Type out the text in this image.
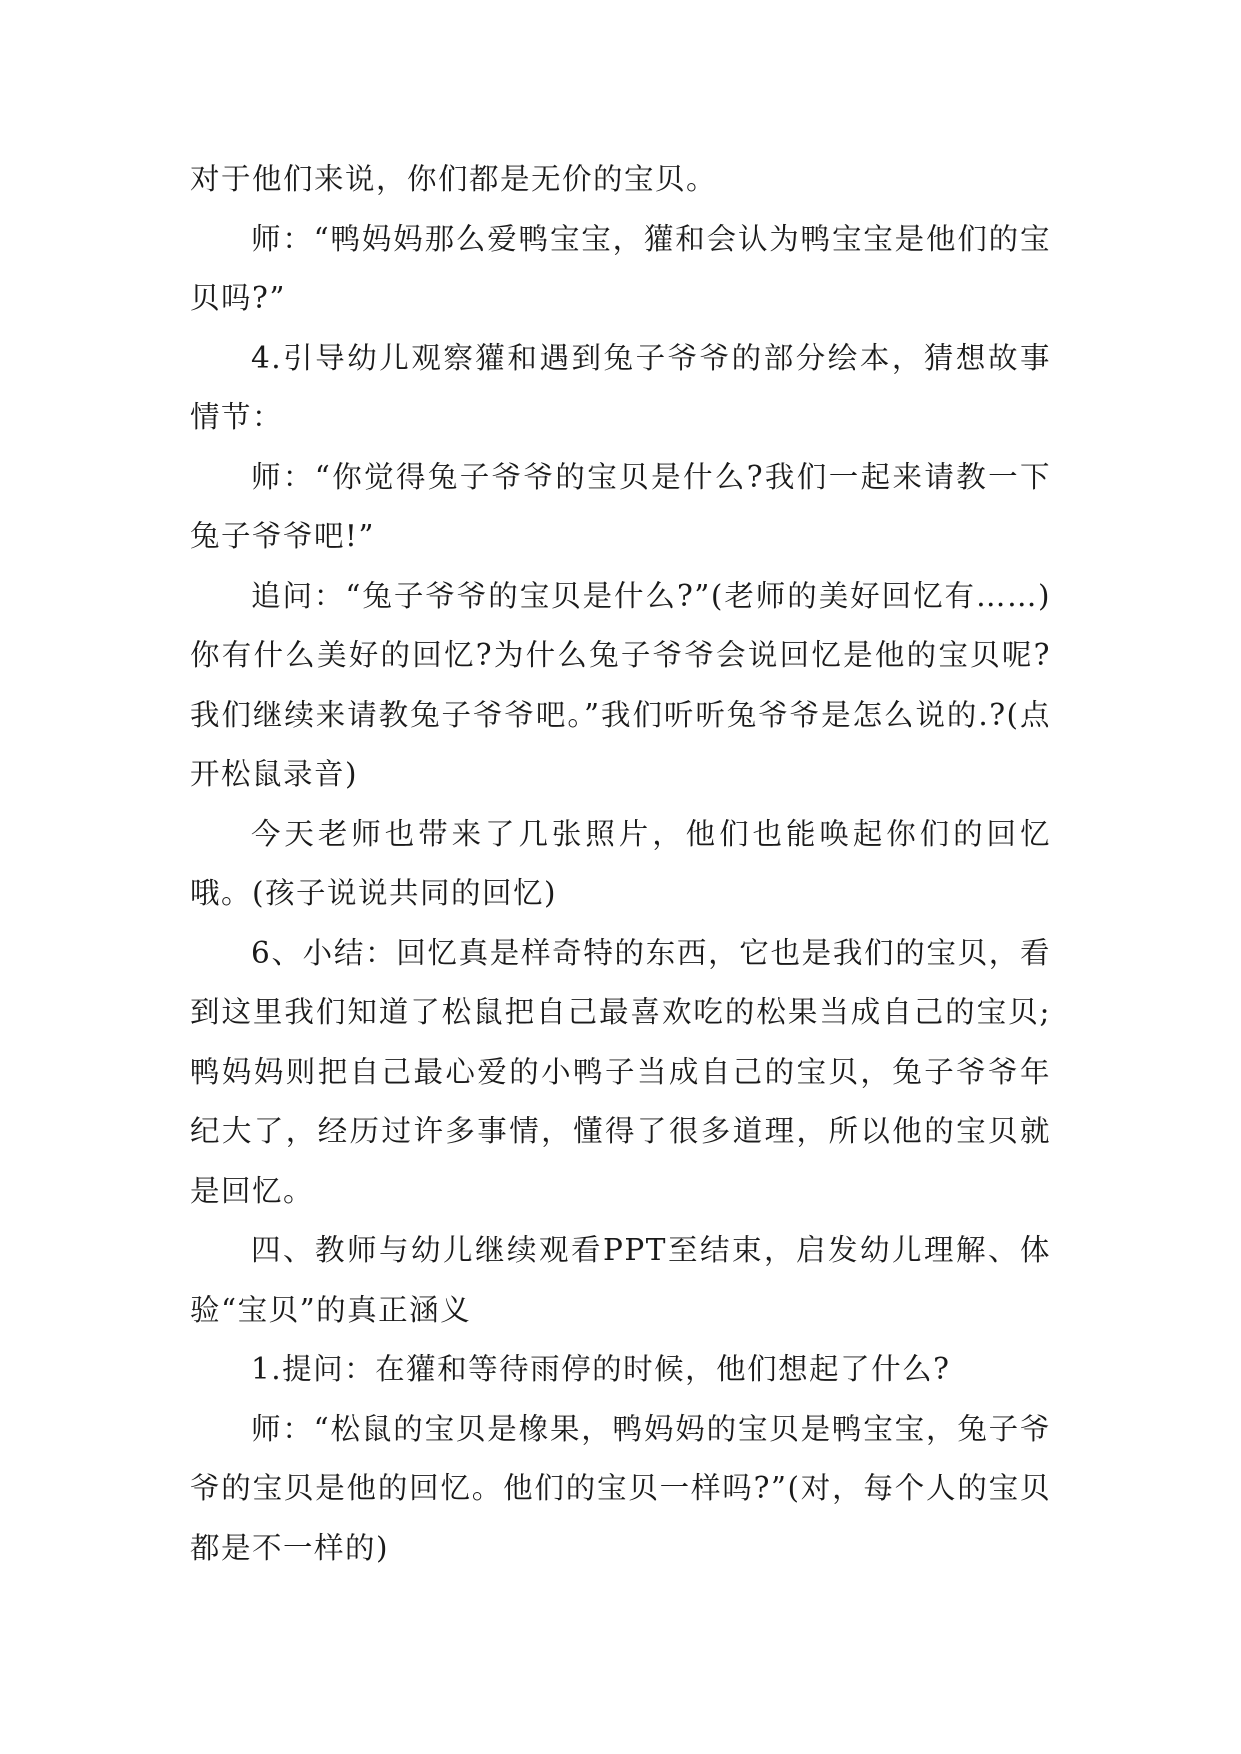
对于他们来说，你们都是无价的宝贝。

师：“鸭妈妈那么爱鸭宝宝，獾和会认为鸭宝宝是他们的宝贝吗?”

4.引导幼儿观察獾和遇到兔子爷爷的部分绘本，猜想故事情节：

师：“你觉得兔子爷爷的宝贝是什么?我们一起来请教一下兔子爷爷吧!”

追问：“兔子爷爷的宝贝是什么?”(老师的美好回忆有……)你有什么美好的回忆?为什么兔子爷爷会说回忆是他的宝贝呢?我们继续来请教兔子爷爷吧。”我们听听兔爷爷是怎么说的.?(点开松鼠录音)

今天老师也带来了几张照片，他们也能唤起你们的回忆哦。(孩子说说共同的回忆)

6、小结：回忆真是样奇特的东西，它也是我们的宝贝，看到这里我们知道了松鼠把自己最喜欢吃的松果当成自己的宝贝;鸭妈妈则把自己最心爱的小鸭子当成自己的宝贝，兔子爷爷年纪大了，经历过许多事情，懂得了很多道理，所以他的宝贝就是回忆。

四、教师与幼儿继续观看PPT至结束，启发幼儿理解、体验“宝贝”的真正涵义

1.提问：在獾和等待雨停的时候，他们想起了什么?

师：“松鼠的宝贝是橡果，鸭妈妈的宝贝是鸭宝宝，兔子爷爷的宝贝是他的回忆。他们的宝贝一样吗?”(对，每个人的宝贝都是不一样的)
